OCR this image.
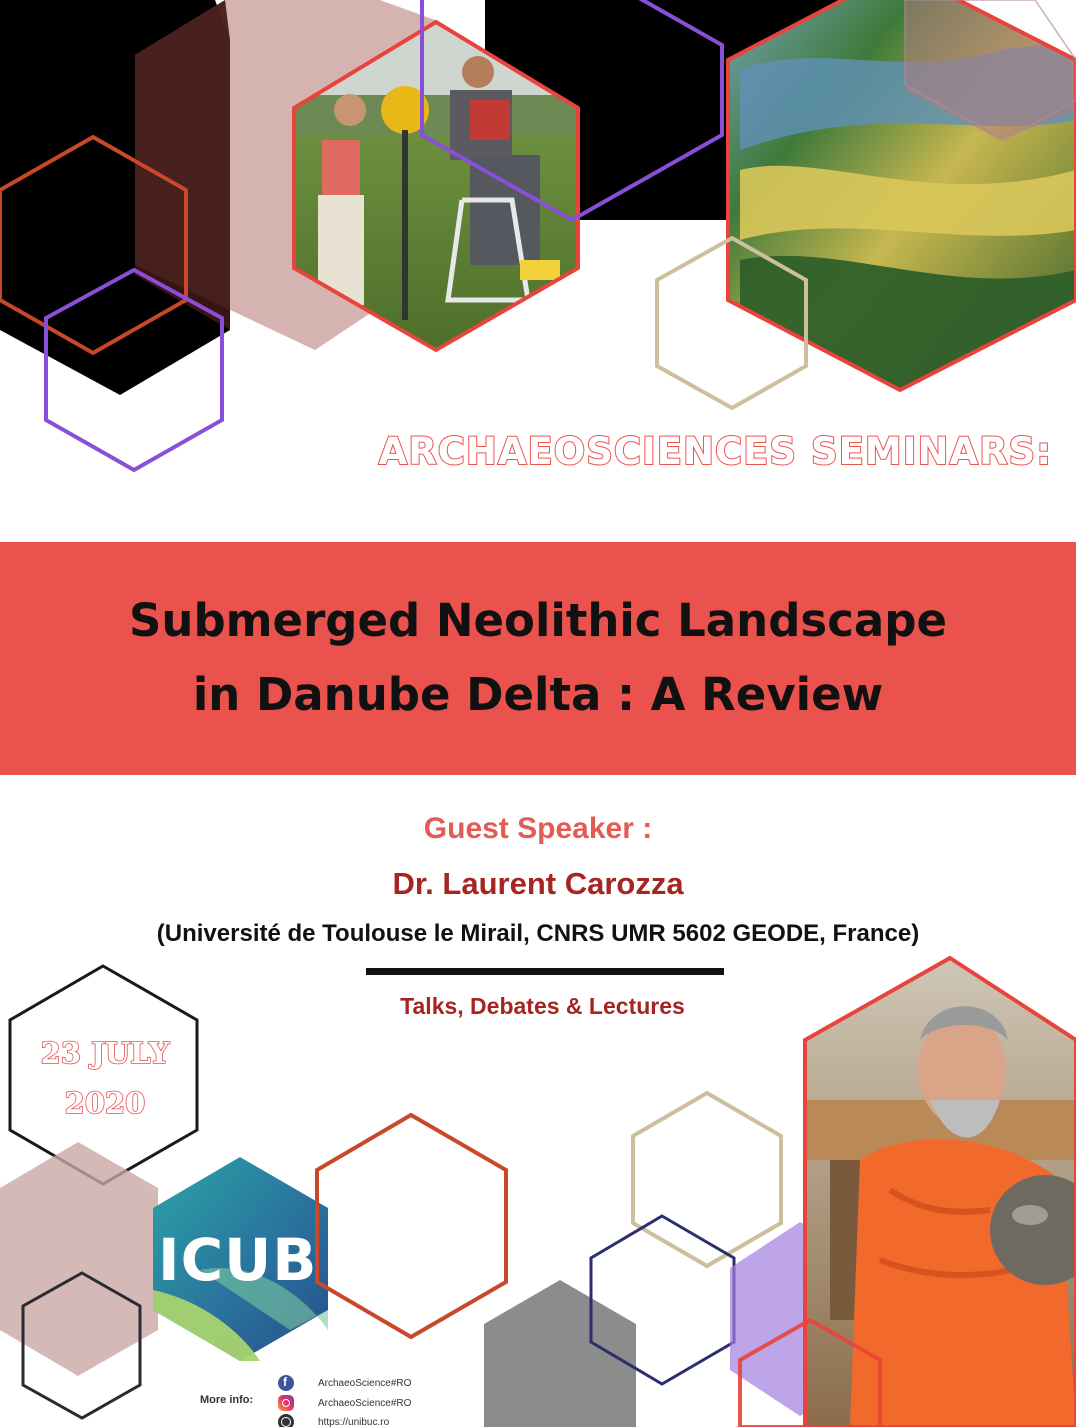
ARCHAEOSCIENCES SEMINARS:
Submerged Neolithic Landscape
in Danube Delta : A Review
Guest Speaker :
Dr. Laurent Carozza
(Université de Toulouse le Mirail, CNRS UMR 5602 GEODE, France)
Talks, Debates & Lectures
23 JULY
2020
ICUB
More info:
f
ArchaeoScience#RO
ArchaeoScience#RO
https://unibuc.ro
